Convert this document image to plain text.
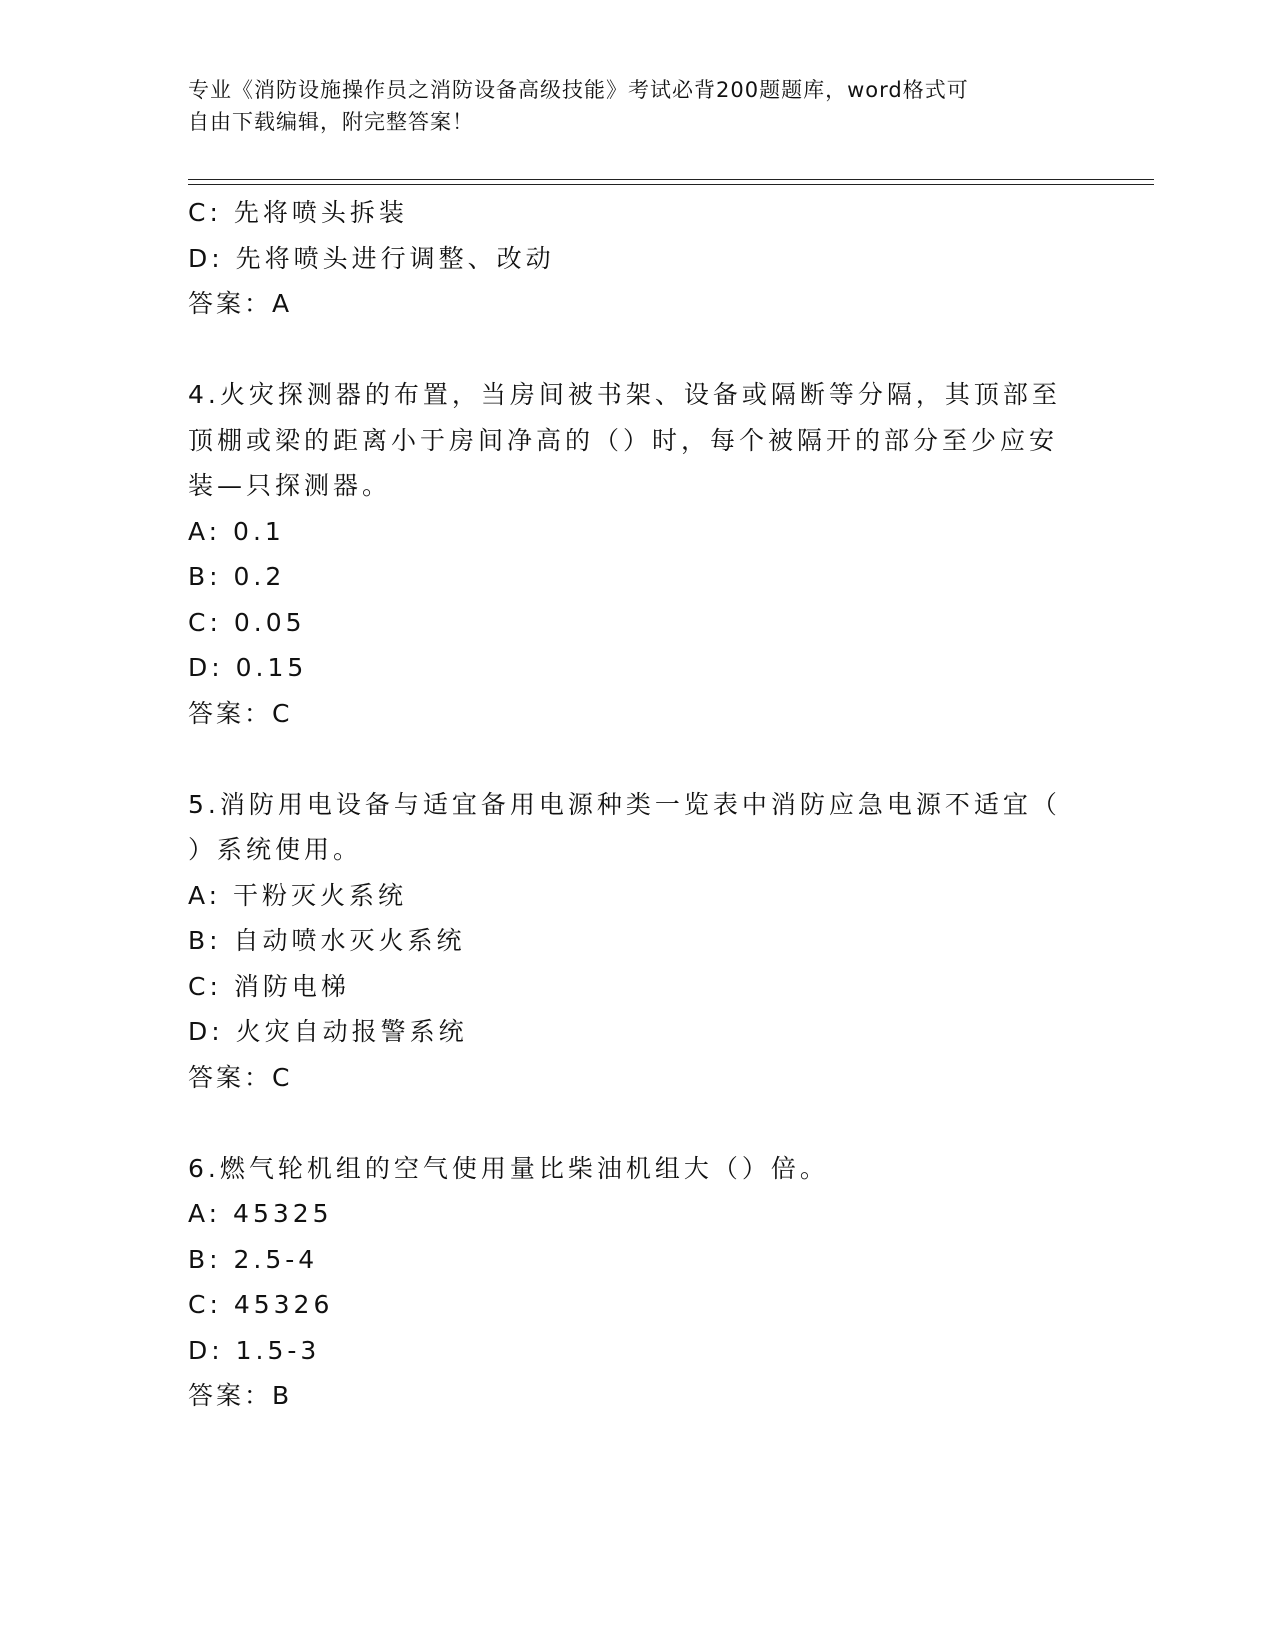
专业《消防设施操作员之消防设备高级技能》考试必背200题题库，word格式可
自由下载编辑，附完整答案！
C: 先将喷头拆装
D: 先将喷头进行调整、改动
答案：A
4.火灾探测器的布置，当房间被书架、设备或隔断等分隔，其顶部至
顶棚或梁的距离小于房间净高的（）时，每个被隔开的部分至少应安
装—只探测器。
A: 0.1
B: 0.2
C: 0.05
D: 0.15
答案：C
5.消防用电设备与适宜备用电源种类一览表中消防应急电源不适宜（
）系统使用。
A: 干粉灭火系统
B: 自动喷水灭火系统
C: 消防电梯
D: 火灾自动报警系统
答案：C
6.燃气轮机组的空气使用量比柴油机组大（）倍。
A: 45325
B: 2.5-4
C: 45326
D: 1.5-3
答案：B
